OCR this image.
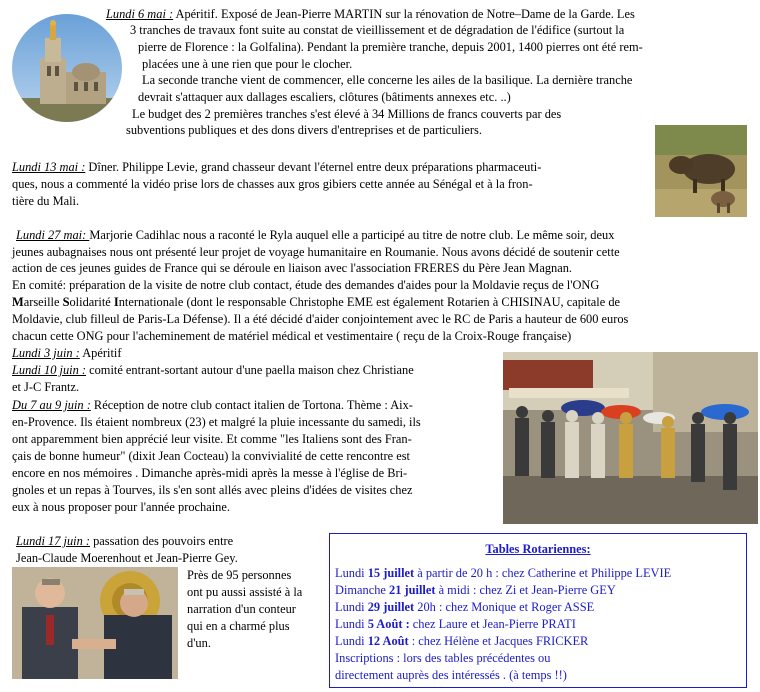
Lundi 6 mai : Apéritif. Exposé de Jean-Pierre MARTIN sur la rénovation de Notre–Dame de la Garde. Les
3 tranches de travaux font suite au constat de vieillissement et de dégradation de l'édifice (surtout la
pierre de Florence : la Golfalina). Pendant la première tranche, depuis 2001, 1400 pierres ont été rem-
placées une à une rien que pour le clocher.
La seconde tranche vient de commencer, elle concerne les ailes de la basilique. La dernière tranche
devrait s'attaquer aux dallages escaliers, clôtures (bâtiments annexes etc. ..)
Le budget des 2 premières tranches s'est élevé à 34 Millions de francs couverts par des
subventions publiques et des dons divers d'entreprises et de particuliers.
Lundi 13 mai : Dîner. Philippe Levie, grand chasseur devant l'éternel entre deux préparations pharmaceuti-
ques, nous a commenté la vidéo prise lors de chasses aux gros gibiers cette année au Sénégal et à la fron-
tière du Mali.
Lundi 27 mai: Marjorie Cadihlac nous a raconté le Ryla auquel elle a participé au titre de notre club. Le même soir, deux
jeunes aubagnaises nous ont présenté leur projet de voyage humanitaire en Roumanie. Nous avons décidé de soutenir cette
action de ces jeunes guides de France qui se déroule en liaison avec l'association FRERES du Père Jean Magnan.
En comité: préparation de la visite de notre club contact, étude des demandes d'aides pour la Moldavie reçus de l'ONG
Marseille Solidarité Internationale (dont le responsable Christophe EME est également Rotarien à CHISINAU, capitale de
Moldavie, club filleul de Paris-La Défense). Il a été décidé d'aider conjointement avec le RC de Paris a hauteur de 600 euros
chacun cette ONG pour l'acheminement de matériel médical et vestimentaire ( reçu de la Croix-Rouge française)
Lundi 3 juin : Apéritif
Lundi 10 juin : comité entrant-sortant autour d'une paella maison chez Christiane
et J-C Frantz.
Du 7 au 9 juin : Réception de notre club contact italien de Tortona. Thème : Aix-
en-Provence. Ils étaient nombreux (23) et malgré la pluie incessante du samedi, ils
ont apparemment bien apprécié leur visite. Et comme "les Italiens sont des Fran-
çais de bonne humeur" (dixit Jean Cocteau) la convivialité de cette rencontre est
encore en nos mémoires . Dimanche après-midi après la messe à l'église de Bri-
gnoles et un repas à Tourves, ils s'en sont allés avec pleins d'idées de visites chez
eux à nous proposer pour l'année prochaine.
Lundi 17 juin : passation des pouvoirs entre
Jean-Claude Moerenhout et Jean-Pierre Gey.
Près de 95 personnes
ont pu aussi assisté à la
narration d'un conteur
qui en a charmé plus
d'un.
Tables Rotariennes:
Lundi 15 juillet à partir de 20 h : chez Catherine et Philippe LEVIE
Dimanche 21 juillet à midi : chez Zi et Jean-Pierre GEY
Lundi 29 juillet 20h : chez Monique et Roger ASSE
Lundi 5 Août : chez Laure et Jean-Pierre PRATI
Lundi 12 Août : chez Hélène et Jacques FRICKER
Inscriptions : lors des tables précédentes ou
directement auprès des intéressés . (à temps !!)
